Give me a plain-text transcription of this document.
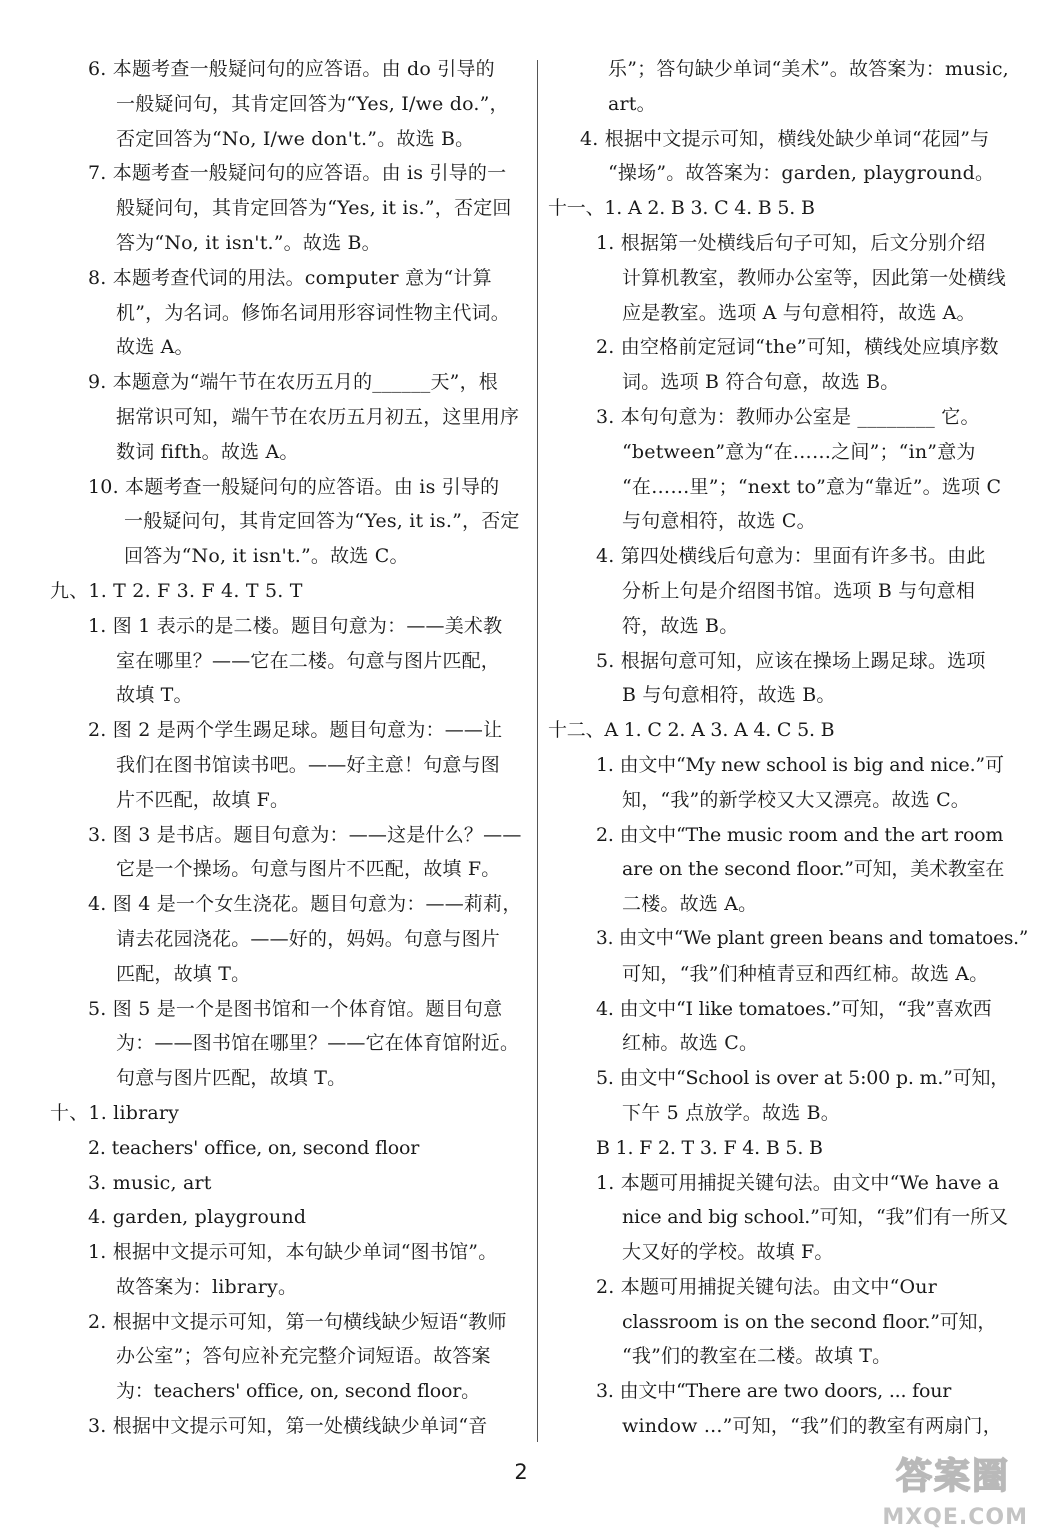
6. 本题考查一般疑问句的应答语。由 do 引导的
一般疑问句，其肯定回答为“Yes, I/we do.”，
否定回答为“No, I/we don't.”。故选 B。
7. 本题考查一般疑问句的应答语。由 is 引导的一
般疑问句，其肯定回答为“Yes, it is.”，否定回
答为“No, it isn't.”。故选 B。
8. 本题考查代词的用法。computer 意为“计算
机”，为名词。修饰名词用形容词性物主代词。
故选 A。
9. 本题意为“端午节在农历五月的______天”，根
据常识可知，端午节在农历五月初五，这里用序
数词 fifth。故选 A。
10. 本题考查一般疑问句的应答语。由 is 引导的
一般疑问句，其肯定回答为“Yes, it is.”，否定
回答为“No, it isn't.”。故选 C。
九、1. T 2. F 3. F 4. T 5. T
1. 图 1 表示的是二楼。题目句意为：——美术教
室在哪里？——它在二楼。句意与图片匹配，
故填 T。
2. 图 2 是两个学生踢足球。题目句意为：——让
我们在图书馆读书吧。——好主意！句意与图
片不匹配，故填 F。
3. 图 3 是书店。题目句意为：——这是什么？——
它是一个操场。句意与图片不匹配，故填 F。
4. 图 4 是一个女生浇花。题目句意为：——莉莉，
请去花园浇花。——好的，妈妈。句意与图片
匹配，故填 T。
5. 图 5 是一个是图书馆和一个体育馆。题目句意
为：——图书馆在哪里？——它在体育馆附近。
句意与图片匹配，故填 T。
十、1. library
2. teachers' office, on, second floor
3. music, art
4. garden, playground
1. 根据中文提示可知，本句缺少单词“图书馆”。
故答案为：library。
2. 根据中文提示可知，第一句横线缺少短语“教师
办公室”；答句应补充完整介词短语。故答案
为：teachers' office, on, second floor。
3. 根据中文提示可知，第一处横线缺少单词“音
乐”；答句缺少单词“美术”。故答案为：music,
art。
4. 根据中文提示可知，横线处缺少单词“花园”与
“操场”。故答案为：garden, playground。
十一、1. A 2. B 3. C 4. B 5. B
1. 根据第一处横线后句子可知，后文分别介绍
计算机教室，教师办公室等，因此第一处横线
应是教室。选项 A 与句意相符，故选 A。
2. 由空格前定冠词“the”可知，横线处应填序数
词。选项 B 符合句意，故选 B。
3. 本句句意为：教师办公室是 ________ 它。
“between”意为“在……之间”；“in”意为
“在……里”；“next to”意为“靠近”。选项 C
与句意相符，故选 C。
4. 第四处横线后句意为：里面有许多书。由此
分析上句是介绍图书馆。选项 B 与句意相
符，故选 B。
5. 根据句意可知，应该在操场上踢足球。选项
B 与句意相符，故选 B。
十二、A 1. C 2. A 3. A 4. C 5. B
1. 由文中“My new school is big and nice.”可
知，“我”的新学校又大又漂亮。故选 C。
2. 由文中“The music room and the art room
are on the second floor.”可知，美术教室在
二楼。故选 A。
3. 由文中“We plant green beans and tomatoes.”
可知，“我”们种植青豆和西红柿。故选 A。
4. 由文中“I like tomatoes.”可知，“我”喜欢西
红柿。故选 C。
5. 由文中“School is over at 5:00 p. m.”可知，
下午 5 点放学。故选 B。
B 1. F 2. T 3. F 4. B 5. B
1. 本题可用捕捉关键句法。由文中“We have a
nice and big school.”可知，“我”们有一所又
大又好的学校。故填 F。
2. 本题可用捕捉关键句法。由文中“Our
classroom is on the second floor.”可知，
“我”们的教室在二楼。故填 T。
3. 由文中“There are two doors, ... four
window ...”可知，“我”们的教室有两扇门，
2	答案圈
MXQE.COM
